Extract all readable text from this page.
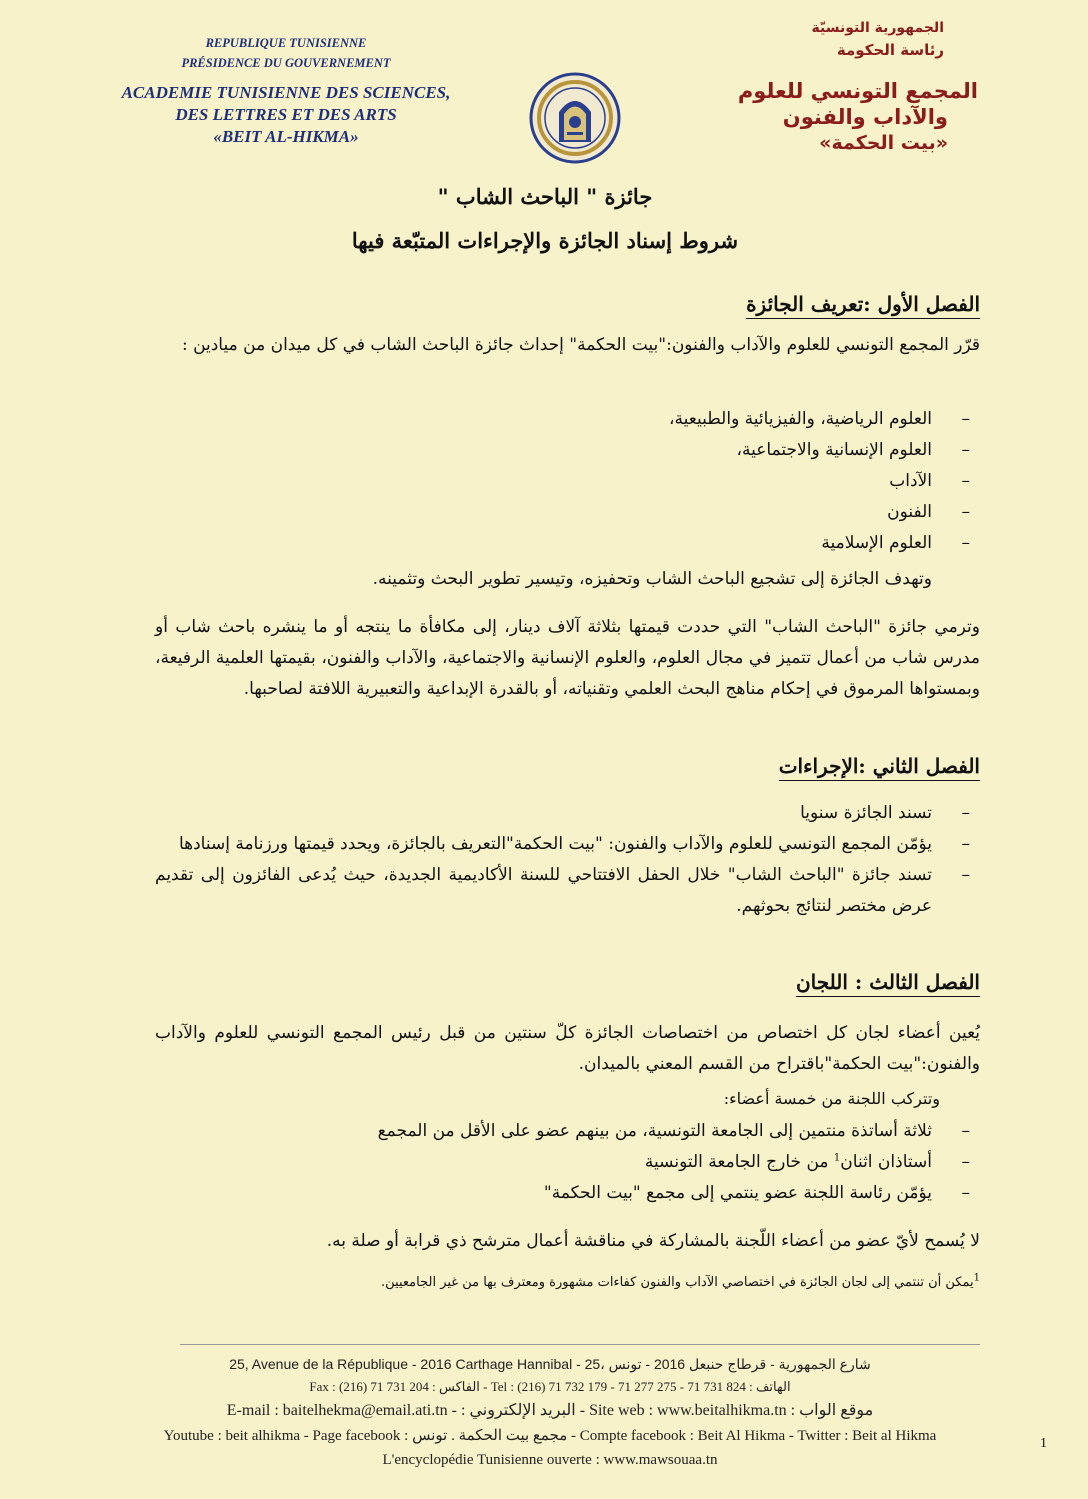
REPUBLIQUE TUNISIENNE
PRÉSIDENCE DU GOUVERNEMENT
ACADEMIE TUNISIENNE DES SCIENCES,
DES LETTRES ET DES ARTS
«BEIT AL-HIKMA»
الجمهورية التونسيّة
رئاسة الحكومة
المجمع التونسي للعلوم
والآداب والفنون
«بيت الحكمة»
جائزة " الباحث الشاب "
شروط إسناد الجائزة والإجراءات المتبّعة فيها
الفصل الأول :تعريف الجائزة
قرّر المجمع التونسي للعلوم والآداب والفنون:"بيت الحكمة" إحداث جائزة الباحث الشاب في كل ميدان من ميادين :
– العلوم الرياضية، والفيزيائية والطبيعية،
– العلوم الإنسانية والاجتماعية،
– الآداب
– الفنون
– العلوم الإسلامية
وتهدف الجائزة إلى تشجيع الباحث الشاب وتحفيزه، وتيسير تطوير البحث وتثمينه.
وترمي جائزة "الباحث الشاب" التي حددت قيمتها بثلاثة آلاف دينار، إلى مكافأة ما ينتجه أو ما ينشره باحث شاب أو مدرس شاب من أعمال تتميز في مجال العلوم، والعلوم الإنسانية والاجتماعية، والآداب والفنون، بقيمتها العلمية الرفيعة، وبمستواها المرموق في إحكام مناهج البحث العلمي وتقنياته، أو بالقدرة الإبداعية والتعبيرية اللافتة لصاحبها.
الفصل الثاني :الإجراءات
– تسند الجائزة سنويا
– يؤمّن المجمع التونسي للعلوم والآداب والفنون: "بيت الحكمة"التعريف بالجائزة، ويحدد قيمتها ورزنامة إسنادها
– تسند جائزة "الباحث الشاب" خلال الحفل الافتتاحي للسنة الأكاديمية الجديدة، حيث يُدعى الفائزون إلى تقديم عرض مختصر لنتائج بحوثهم.
الفصل الثالث : اللجان
يُعين أعضاء لجان كل اختصاص من اختصاصات الجائزة كلّ سنتين من قبل رئيس المجمع التونسي للعلوم والآداب والفنون:"بيت الحكمة"باقتراح من القسم المعني بالميدان.
وتتركب اللجنة من خمسة أعضاء:
– ثلاثة أساتذة منتمين إلى الجامعة التونسية، من بينهم عضو على الأقل من المجمع
– أستاذان اثنان$^1$ من خارج الجامعة التونسية
– يؤمّن رئاسة اللجنة عضو ينتمي إلى مجمع "بيت الحكمة"
لا يُسمح لأيّ عضو من أعضاء اللّجنة بالمشاركة في مناقشة أعمال مترشح ذي قرابة أو صلة به.
$^1$يمكن أن تنتمي إلى لجان الجائزة في اختصاصي الآداب والفنون كفاءات مشهورة ومعترف بها من غير الجامعيين.
25, Avenue de la République - 2016 Carthage Hannibal - 25، شارع الجمهورية - قرطاج حنبعل 2016 - تونس
Fax : (216) 71 731 204 : الفاكس - Tel : (216) 71 732 179 - 71 277 275 - 71 731 824 : الهاتف
E-mail : baitelhekma@email.ati.tn - : البريد الإلكتروني - Site web : www.beitalhikma.tn : موقع الواب
Youtube : beit alhikma - Page facebook : مجمع بيت الحكمة . تونس - Compte facebook : Beit Al Hikma - Twitter : Beit al Hikma
L'encyclopédie Tunisienne ouverte : www.mawsouaa.tn
1
